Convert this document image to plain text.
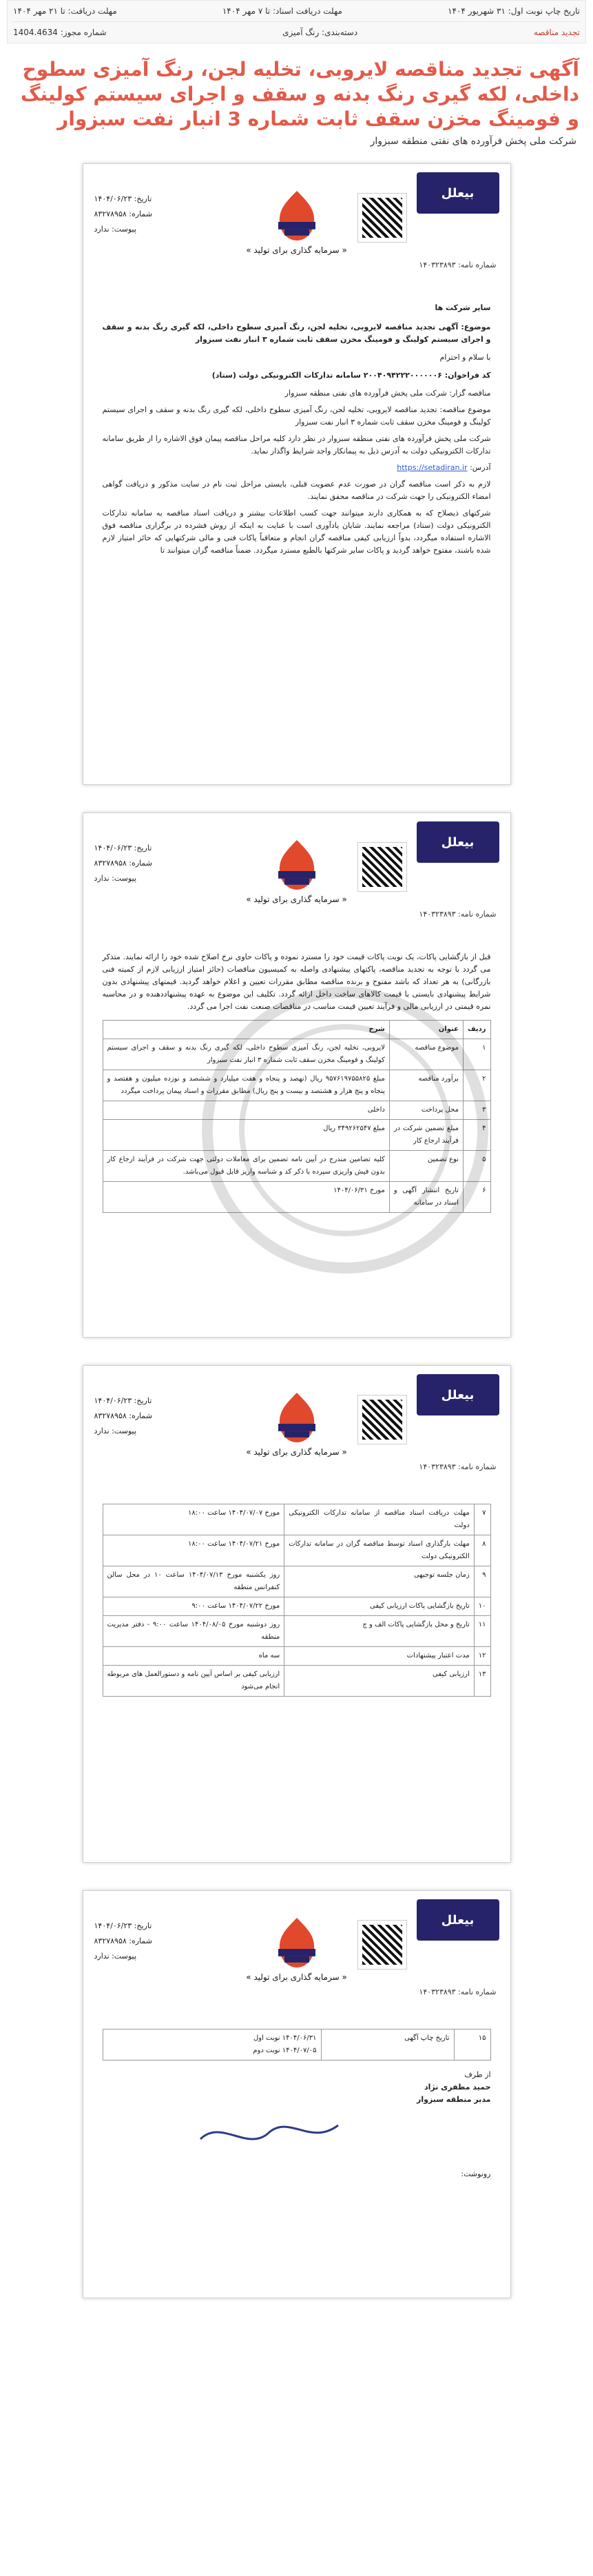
تاریخ چاپ نوبت اول: ۳۱ شهریور ۱۴۰۴
مهلت دریافت اسناد: تا ۷ مهر ۱۴۰۴
مهلت دریافت: تا ۲۱ مهر ۱۴۰۴
تجدید مناقصه
دسته‌بندی: رنگ آمیزی
شماره مجوز: 1404.4634
آگهی تجدید مناقصه لایروبی، تخلیه لجن، رنگ آمیزی سطوح داخلی، لکه گیری رنگ بدنه و سقف و اجرای سیستم کولینگ و فومینگ مخزن سقف ثابت شماره 3 انبار نفت سبزوار
شرکت ملی پخش فرآورده های نفتی منطقه سبزوار
بیعلل
« سرمایه گذاری برای تولید »
تاریخ: ۱۴۰۴/۰۶/۲۳
شماره: ۸۳۲۷۸۹۵۸
پیوست: ندارد
شماره نامه: ۱۴۰۳۲۳۸۹۳
سایر شرکت ها
موضوع: آگهی تجدید مناقصه لایروبی، تخلیه لجن، رنگ آمیزی سطوح داخلی، لکه گیری رنگ بدنه و سقف و اجرای سیستم کولینگ و فومینگ مخزن سقف ثابت شماره ۳ انبار نفت سبزوار
با سلام و احترام
کد فراخوان: ۲۰۰۴۰۹۴۲۲۲۰۰۰۰۰۰۶ سامانه تدارکات الکترونیکی دولت (ستاد)
مناقصه گزار: شرکت ملی پخش فرآورده های نفتی منطقه سبزوار
موضوع مناقصه: تجدید مناقصه لایروبی، تخلیه لجن، رنگ آمیزی سطوح داخلی، لکه گیری رنگ بدنه و سقف و اجرای سیستم کولینگ و فومینگ مخزن سقف ثابت شماره ۳ انبار نفت سبزوار
شرکت ملی پخش فرآورده های نفتی منطقه سبزوار در نظر دارد کلیه مراحل مناقصه پیمان فوق الاشاره را از طریق سامانه تدارکات الکترونیکی دولت به آدرس ذیل به پیمانکار واجد شرایط واگذار نماید.
آدرس: https://setadiran.ir
لازم به ذکر است مناقصه گران در صورت عدم عضویت قبلی، بایستی مراحل ثبت نام در سایت مذکور و دریافت گواهی امضاء الکترونیکی را جهت شرکت در مناقصه محقق نمایند.
شرکتهای ذیصلاح که به همکاری دارند میتوانند جهت کسب اطلاعات بیشتر و دریافت اسناد مناقصه به سامانه تدارکات الکترونیکی دولت (ستاد) مراجعه نمایند. شایان یادآوری است با عنایت به اینکه از روش فشرده در برگزاری مناقصه فوق الاشاره استفاده میگردد، بدواً ارزیابی کیفی مناقصه گران انجام و متعاقباً پاکات فنی و مالی شرکتهایی که حائز امتیاز لازم شده باشند، مفتوح خواهد گردید و پاکات سایر شرکتها بالطبع مسترد میگردد. ضمناً مناقصه گران میتوانند تا
بیعلل
« سرمایه گذاری برای تولید »
تاریخ: ۱۴۰۴/۰۶/۲۳
شماره: ۸۳۲۷۸۹۵۸
پیوست: ندارد
شماره نامه: ۱۴۰۳۲۳۸۹۳
قبل از بازگشایی پاکات، یک نوبت پاکات قیمت خود را مسترد نموده و پاکات حاوی نرخ اصلاح شده خود را ارائه نمایند. متذکر می گردد با توجه به تجدید مناقصه، پاکتهای پیشنهادی واصله به کمیسیون مناقصات (حائز امتیاز ارزیابی لازم از کمیته فنی بازرگانی) به هر تعداد که باشد مفتوح و برنده مناقصه مطابق مقررات تعیین و اعلام خواهد گردید. قیمتهای پیشنهادی بدون شرایط پیشنهادی بایستی با قیمت کالاهای ساخت داخل ارائه گردد. تکلیف این موضوع به عهده پیشنهاددهنده و در محاسبه نمره قیمتی در ارزیابی مالی و فرآیند تعیین قیمت مناسب در مناقصات صنعت نفت اجرا می گردد.
ردیف	عنوان	شرح
۱	موضوع مناقصه	لایروبی، تخلیه لجن، رنگ آمیزی سطوح داخلی، لکه گیری رنگ بدنه و سقف و اجرای سیستم کولینگ و فومینگ مخزن سقف ثابت شماره ۳ انبار نفت سبزوار
۲	برآورد مناقصه	مبلغ ۹۵۷۶۱۹۷۵۵۸۲۵ ریال (نهصد و پنجاه و هفت میلیارد و ششصد و نوزده میلیون و هفتصد و پنجاه و پنج هزار و هشتصد و بیست و پنج ریال) مطابق مقررات و اسناد پیمان پرداخت میگردد
۳	محل پرداخت	داخلی
۴	مبلغ تضمین شرکت در فرآیند ارجاع کار	مبلغ ۳۴۹۲۶۲۵۴۷ ریال
۵	نوع تضمین	کلیه تضامین مندرج در آیین نامه تضمین برای معاملات دولتی جهت شرکت در فرآیند ارجاع کار بدون فیش واریزی سپرده با ذکر کد و شناسه واریز قابل قبول می‌باشد.
۶	تاریخ انتشار آگهی و اسناد در سامانه	مورخ ۱۴۰۴/۰۶/۳۱
بیعلل
« سرمایه گذاری برای تولید »
تاریخ: ۱۴۰۴/۰۶/۲۳
شماره: ۸۳۲۷۸۹۵۸
پیوست: ندارد
شماره نامه: ۱۴۰۳۲۳۸۹۳
۷	مهلت دریافت اسناد مناقصه از سامانه تدارکات الکترونیکی دولت	مورخ ۱۴۰۴/۰۷/۰۷ ساعت ۱۸:۰۰
۸	مهلت بارگذاری اسناد توسط مناقصه گران در سامانه تدارکات الکترونیکی دولت	مورخ ۱۴۰۴/۰۷/۲۱ ساعت ۱۸:۰۰
۹	زمان جلسه توجیهی	روز یکشنبه مورخ ۱۴۰۴/۰۷/۱۳ ساعت ۱۰ در محل سالن کنفرانس منطقه
۱۰	تاریخ بازگشایی پاکات ارزیابی کیفی	مورخ ۱۴۰۴/۰۷/۲۲ ساعت ۹:۰۰
۱۱	تاریخ و محل بازگشایی پاکات الف و ج	روز دوشنبه مورخ ۱۴۰۴/۰۸/۰۵ ساعت ۹:۰۰ - دفتر مدیریت منطقه
۱۲	مدت اعتبار پیشنهادات	سه ماه
۱۳	ارزیابی کیفی	ارزیابی کیفی بر اساس آیین نامه و دستورالعمل های مربوطه انجام می‌شود
بیعلل
« سرمایه گذاری برای تولید »
تاریخ: ۱۴۰۴/۰۶/۲۳
شماره: ۸۳۲۷۸۹۵۸
پیوست: ندارد
شماره نامه: ۱۴۰۳۲۳۸۹۳
۱۵	تاریخ چاپ آگهی	۱۴۰۴/۰۶/۳۱ نوبت اول
۱۴۰۴/۰۷/۰۵ نوبت دوم
از طرف
حمید مظفری نژاد
مدیر منطقه سبزوار
رونوشت:
